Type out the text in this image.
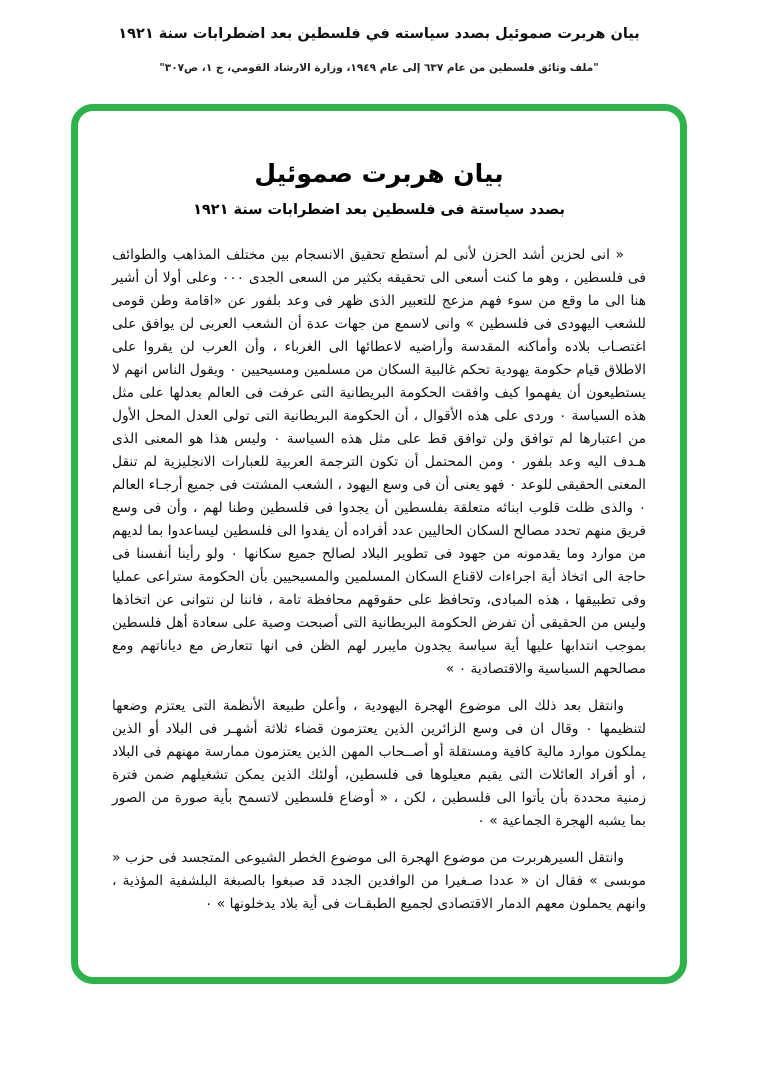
بيان هربرت صموئيل بصدد سياسته في فلسطين بعد اضطرابات سنة ١٩٢١
"ملف وثائق فلسطين من عام ٦٣٧ إلى عام ١٩٤٩، وزارة الارشاد القومي، ج ١، ص٣٠٧"
بيان هربرت صموئيل
بصدد سياستة فى فلسطين بعد اضطرابات سنة ١٩٢١

« انى لحزين أشد الحزن لأنى لم أستطع تحقيق الانسجام بين مختلف المذاهب والطوائف فى فلسطين ، وهو ما كنت أسعى الى تحقيقه بكثير من السعى الجدى ٠٠٠ وعلى أولا أن أشير هنا الى ما وقع من سوء فهم مزعج للتعبير الذى ظهر فى وعد بلفور عن «اقامة وطن قومى للشعب اليهودى فى فلسطين » وانى لاسمع من جهات عدة أن الشعب العربى لن يوافق على اغتصـاب بلاده وأماكنه المقدسة وأراضيه لاعطائها الى الغرباء ، وأن العرب لن يقروا على الاطلاق قيام حكومة يهودية تحكم غالبية السكان من مسلمين ومسيحيين ٠ ويقول الناس انهم لا يستطيعون أن يفهموا كيف وافقت الحكومة البريطانية التى عرفت فى العالم بعدلها على مثل هذه السياسة ٠ وردى على هذه الأقوال ، أن الحكومة البريطانية التى تولى العدل المحل الأول من اعتبارها لم توافق ولن توافق قط على مثل هذه السياسة ٠ وليس هذا هو المعنى الذى هـدف اليه وعد بلفور ٠ ومن المحتمل أن تكون الترجمة العربية للعبارات الانجليزية لم تنقل المعنى الحقيقى للوعد ٠ فهو يعنى أن فى وسع اليهود ، الشعب المشتت فى جميع أرجـاء العالم ٠ والذى ظلت قلوب ابنائه متعلقة بفلسطين أن يجدوا فى فلسطين وطنا لهم ، وأن فى وسع فريق منهم تحدد مصالح السكان الحاليين عدد أفراده أن يفدوا الى فلسطين ليساعدوا بما لديهم من موارد وما يقدمونه من جهود فى تطوير البلاد لصالح جميع سكانها ٠ ولو رأينا أنفسنا فى حاجة الى اتخاذ أية اجراءات لاقناع السكان المسلمين والمسيحيين بأن الحكومة ستراعى عمليا وفى تطبيقها ، هذه المبادى، وتحافظ على حقوقهم محافظة تامة ، فاننا لن نتوانى عن اتخاذها وليس من الحقيقى أن تفرض الحكومة البريطانية التى أصبحت وصية على سعادة أهل فلسطين بموجب انتدابها عليها أية سياسة يجدون مايبرر لهم الظن فى انها تتعارض مع دياناتهم ومع مصالحهم السياسية والاقتصادية ٠ »

وانتقل بعد ذلك الى موضوع الهجرة اليهودية ، وأعلن طبيعة الأنظمة التى يعتزم وضعها لتنظيمها ٠ وقال ان فى وسع الزائرين الذين يعتزمون قضاء ثلاثة أشهـر فى البلاد أو الذين يملكون موارد مالية كافية ومستقلة أو أصــحاب المهن الذين يعتزمون ممارسة مهنهم فى البلاد ، أو أفراد العائلات التى يقيم معيلوها فى فلسطين، أولئك الذين يمكن تشغيلهم ضمن فترة زمنية محددة بأن يأتوا الى فلسطين ، لكن ، « أوضاع فلسطين لاتسمح بأية صورة من الصور بما يشبه الهجرة الجماعية » ٠

وانتقل السيرهربرت من موضوع الهجرة الى موضوع الخطر الشيوعى المتجسد فى حزب « موبسى » فقال ان « عددا صـغيرا من الوافدين الجدد قد صبغوا بالصبغة البلشفية المؤذية ، وانهم يحملون معهم الدمار الاقتصادى لجميع الطبقـات فى أية بلاد يدخلونها » ٠
